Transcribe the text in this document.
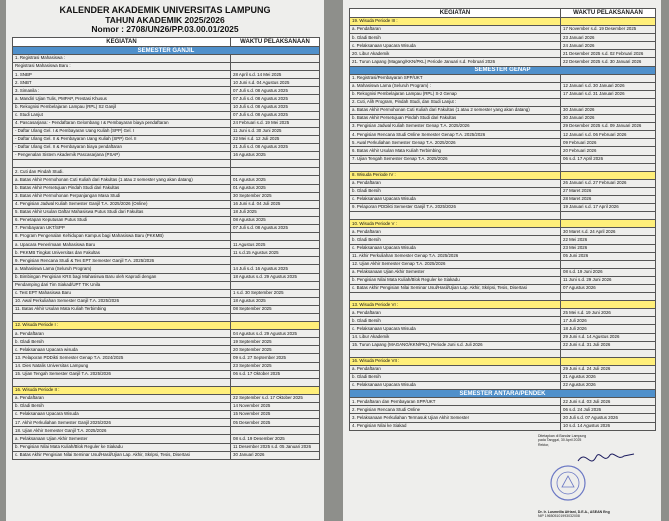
KALENDER AKADEMIK UNIVERSITAS LAMPUNG
TAHUN AKADEMIK 2025/2026
Nomor : 2708/UN26/PP.03.00.01/2025
KEGIATAN	WAKTU PELAKSANAAN
SEMESTER GANJIL	
1. Registrasi Mahasiswa :	
Registrasi Mahasiswa Baru :	
1. SNBP	28 April s.d. 14 Mei 2025
2. SNBT	10 Juni s.d. 04 Agustus 2025
3. Simanila :	07 Juli s.d. 08 Agustus 2025
a. Mandiri Ujian Tulis, PMPAP, Prestasi Khusus	07 Juli s.d. 08 Agustus 2025
b. Rekognisi Pembelajaran Lampau (RPL) S2 Ganjil	10 Juli s.d. 08 Agustus 2025
c. Studi Lanjut	07 Juli s.d. 08 Agustus 2025
4. Pascasarjana: - Pendaftaran Gelombang I & Pembayaran biaya pendaftaran	24 Februari s.d. 19 Mei 2025
- Daftar Ulang Gel. I & Pembayaran Uang Kuliah (SPP) Gel. I	11 Juni s.d. 30 Juni 2025
- Daftar Ulang Gel. II & Pembayaran Uang Kuliah (SPP) Gel. II	22 Mei s.d. 12 Juli 2025
- Daftar Ulang Gel. II & Pembayaran biaya pendaftaran	21 Juli s.d. 08 Agustus 2025
- Pengenalan Sistem Akademik Pascasarjana (PSAP)	16 Agustus 2025

2. Cuti dan Pindah Studi.	
a. Batas Akhir Permohonan Cuti Kuliah dari Fakultas (1 atau 2 semester yang akan datang)	01 Agustus 2025
b. Batas Akhir Persetujuan Pindah Studi dari Fakultas	01 Agustus 2025
3. Batas Akhir Permohonan Perpanjangan Masa Studi	30 September 2025
4. Pengisian Jadwal Kuliah Semester Ganjil T.A. 2025/2026 (Online)	16 Juni s.d. 04 Juli 2025
5. Batas Akhir Usulan Daftar Mahasiswa Putus Studi dari Fakultas	18 Juli 2025
6. Penetapan Keputusan Putus Studi	08 Agustus 2025
7. Pembayaran UKT/SPP	07 Juli s.d. 08 Agustus 2025
8. Program Pengenalan Kehidupan Kampus bagi Mahasiswa Baru (PKKMB)	
a. Upacara Penerimaan Mahasiswa Baru	11 Agustus 2025
b. PKKMB Tingkat Universitas dan Fakultas	11 s.d.15 Agustus 2025
9. Pengisian Rencana Studi & Tes EPT Semester Ganjil T.A. 2025/2026	
a. Mahasiswa Lama (Seluruh Program)	14 Juli s.d. 16 Agustus 2025
b. Bimbingan Pengisian KRS bagi Mahasiswa Baru oleh Kaprodi dengan	18 Agustus s.d. 29 Agustus 2025
Pendamping dari Tim Siakad/UPT TIK Unila	
c. Test EPT Mahasiswa Baru	1 s.d. 30 September 2025
10. Awal Perkuliahan Semester Ganjil T.A. 2025/2026	18 Agustus 2025
11. Batas Akhir Usulan Mata Kuliah Terbimbing	08 September 2025

12. Wisuda Periode I :	
a. Pendaftaran	04 Agustus s.d. 29 Agustus 2025
b. Gladi Bersih	19 September 2025
c. Pelaksanaan Upacara wisuda	20 September 2025
13. Pelaporan PDDikti Semester Genap T.A. 2024/2025	09 s.d. 27 September 2025
14. Dies Natalis Universitas Lampung	23 September 2025
15. Ujian Tengah Semester Ganjil T.A. 2025/2026	06 s.d. 17 Oktober 2025

16. Wisuda Periode II :	
a. Pendaftaran	22 September s.d. 17 Oktober 2025
b. Gladi Bersih	14 November 2025
c. Pelaksanaan Upacara Wisuda	15 November 2025
17. Akhir Perkuliahan Semester Ganjil 2025/2026	05 Desember 2025
18. Ujian Akhir Semester Ganjil T.A. 2025/2026	
a. Pelaksanaan Ujian Akhir Semester	08 s.d. 19 Desember 2025
b. Pengisian Nilai Mata Kuliah/Blok Reguler ke Siakadu	11 Desember 2025 s.d. 05 Januari 2026
c. Batas Akhir Pengisian Nilai Seminar Usul/Hasil/Ujian Lap. Akhir, Skripsi, Tesis, Disertasi	30 Januari 2026
KEGIATAN	WAKTU PELAKSANAAN
19. Wisuda Periode III :	
a. Pendaftaran	17 November s.d. 19 Desember 2025
b. Gladi Bersih	23 Januari 2026
c. Pelaksanaan Upacara Wisuda	24 Januari 2026
20. Libur Akademik	21 Desember 2025 s.d. 02 Februari 2026
21. Turun Lapang (Magang/KKN/PKL) Periode Januari s.d. Februari 2026	22 Desember 2025 s.d. 30 Januari 2026
SEMESTER GENAP	
1. Registrasi/Pembayaran SPP/UKT	
a. Mahasiswa Lama (Seluruh Program) :	12 Januari s.d. 30 Januari 2026
b. Rekognisi Pembelajaran Lampau (RPL) S-2 Genap	17 Januari s.d. 31 Januari 2026
2. Cuti, Alih Program, Pindah Studi, dan Studi Lanjut :	
a. Batas Akhir Permohonan Cuti Kuliah dari Fakultas (1 atau 2 semester yang akan datang)	30 Januari 2026
b. Batas Akhir Persetujuan Pindah Studi dari Fakultas	30 Januari 2026
3. Pengisian Jadwal Kuliah Semester Genap T.A. 2025/2026	29 Desember 2025 s.d. 09 Januari 2026
4. Pengisian Rencana Studi Online Semester Genap T.A. 2025/2026	12 Januari s.d. 06 Februari 2026
5. Awal Perkuliahan Semester Genap T.A. 2025/2026	09 Februari 2026
6. Batas Akhir Usulan Mata Kuliah Terbimbing	20 Februari 2026
7. Ujian Tengah Semester Genap T.A. 2025/2026	06 s.d. 17 April 2026

8. Wisuda Periode IV :	
a. Pendaftaran	26 Januari s.d. 27 Februari 2026
b. Gladi Bersih	27 Maret 2026
c. Pelaksanaan Upacara Wisuda	28 Maret 2026
9. Pelaporan PDDikti Semester Ganjil T.A. 2025/2026	19 Januari s.d. 17 April 2026

10. Wisuda Periode V :	
a. Pendaftaran	30 Maret s.d. 24 April 2026
b. Gladi Bersih	22 Mei 2026
c. Pelaksanaan Upacara Wisuda	23 Mei 2026
11. Akhir Perkuliahan Semester Genap T.A. 2025/2026	05 Juni 2026
12. Ujian Akhir Semester Genap T.A. 2025/2026	
a. Pelaksanaan Ujian Akhir Semester	08 s.d. 19 Juni 2026
b. Pengisian Nilai Mata Kuliah/Blok Reguler ke Siakadu	11 Juni s.d. 29 Juni 2026
c. Batas Akhir Pengisian Nilai Seminar Usul/Hasil/Ujian Lap. Akhir, Skripsi, Tesis, Disertasi	07 Agustus 2026

13. Wisuda Periode VI :	
a. Pendaftaran	25 Mei s.d. 19 Juni 2026
b. Gladi Bersih	17 Juli 2026
c. Pelaksanaan Upacara Wisuda	18 Juli 2026
14. Libur Akademik	29 Juni s.d. 14 Agustus 2026
15. Turun Lapang (MAGANG/KKN/PKL) Periode Juni s.d. Juli 2026	22 Juni s.d. 31 Juli 2026

16. Wisuda Periode VII :	
a. Pendaftaran	29 Juni s.d. 24 Juli 2026
b. Gladi Bersih	21 Agustus 2026
c. Pelaksanaan Upacara Wisuda	22 Agustus 2026
SEMESTER ANTARA/PENDEK	
1. Pendaftaran dan Pembayaran SPP/UKT	22 Juni s.d. 03 Juli 2026
2. Pengisian Rencana Studi Online	06 s.d. 24 Juli 2026
3. Pelaksanaan Perkuliahan Termasuk Ujian Akhir Semester	20 Juli s.d. 07 Agustus 2026
4. Pengisian Nilai ke Siakad	10 s.d. 14 Agustus 2026
Ditetapkan di Bandar Lampung
pada Tanggal, 30 April 2025
Rektor,
Dr. Ir. Lusmeilia Afriani, D.E.A., ASEAN Eng
NIP 196505101993032008
